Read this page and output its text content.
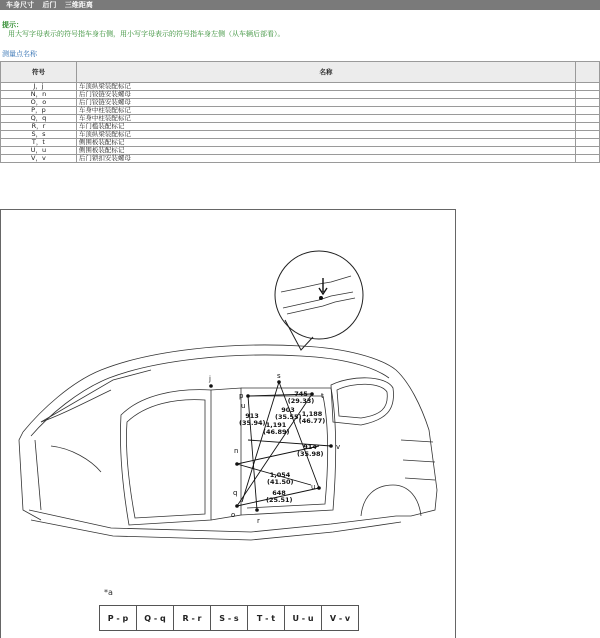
车身尺寸 后门 三维距离
提示：
用大写字母表示的符号指车身右侧，用小写字母表示的符号指车身左侧（从车辆后部看）。
测量点名称
符号	名称	
J，j	车顶纵梁装配标记	
N，n	后门铰链安装螺母	
O，o	后门铰链安装螺母	
P，p	车身中柱装配标记	
Q，q	车身中柱装配标记	
R，r	车门槛装配标记	
S，s	车顶纵梁装配标记	
T，t	侧围板装配标记	
U，u	侧围板装配标记	
V，v	后门锁扣安装螺母	
j	s
p
u
t
n	v
q
o
r
u
745
(29.33)
903
(35.55)
913
(35.94) 1,191
(46.89)
1,188
(46.77)
914
(35.98)
1,054
(41.50)
648
(25.51)
*a
P - p	Q - q	R - r	S - s	T - t	U - u	V - v
